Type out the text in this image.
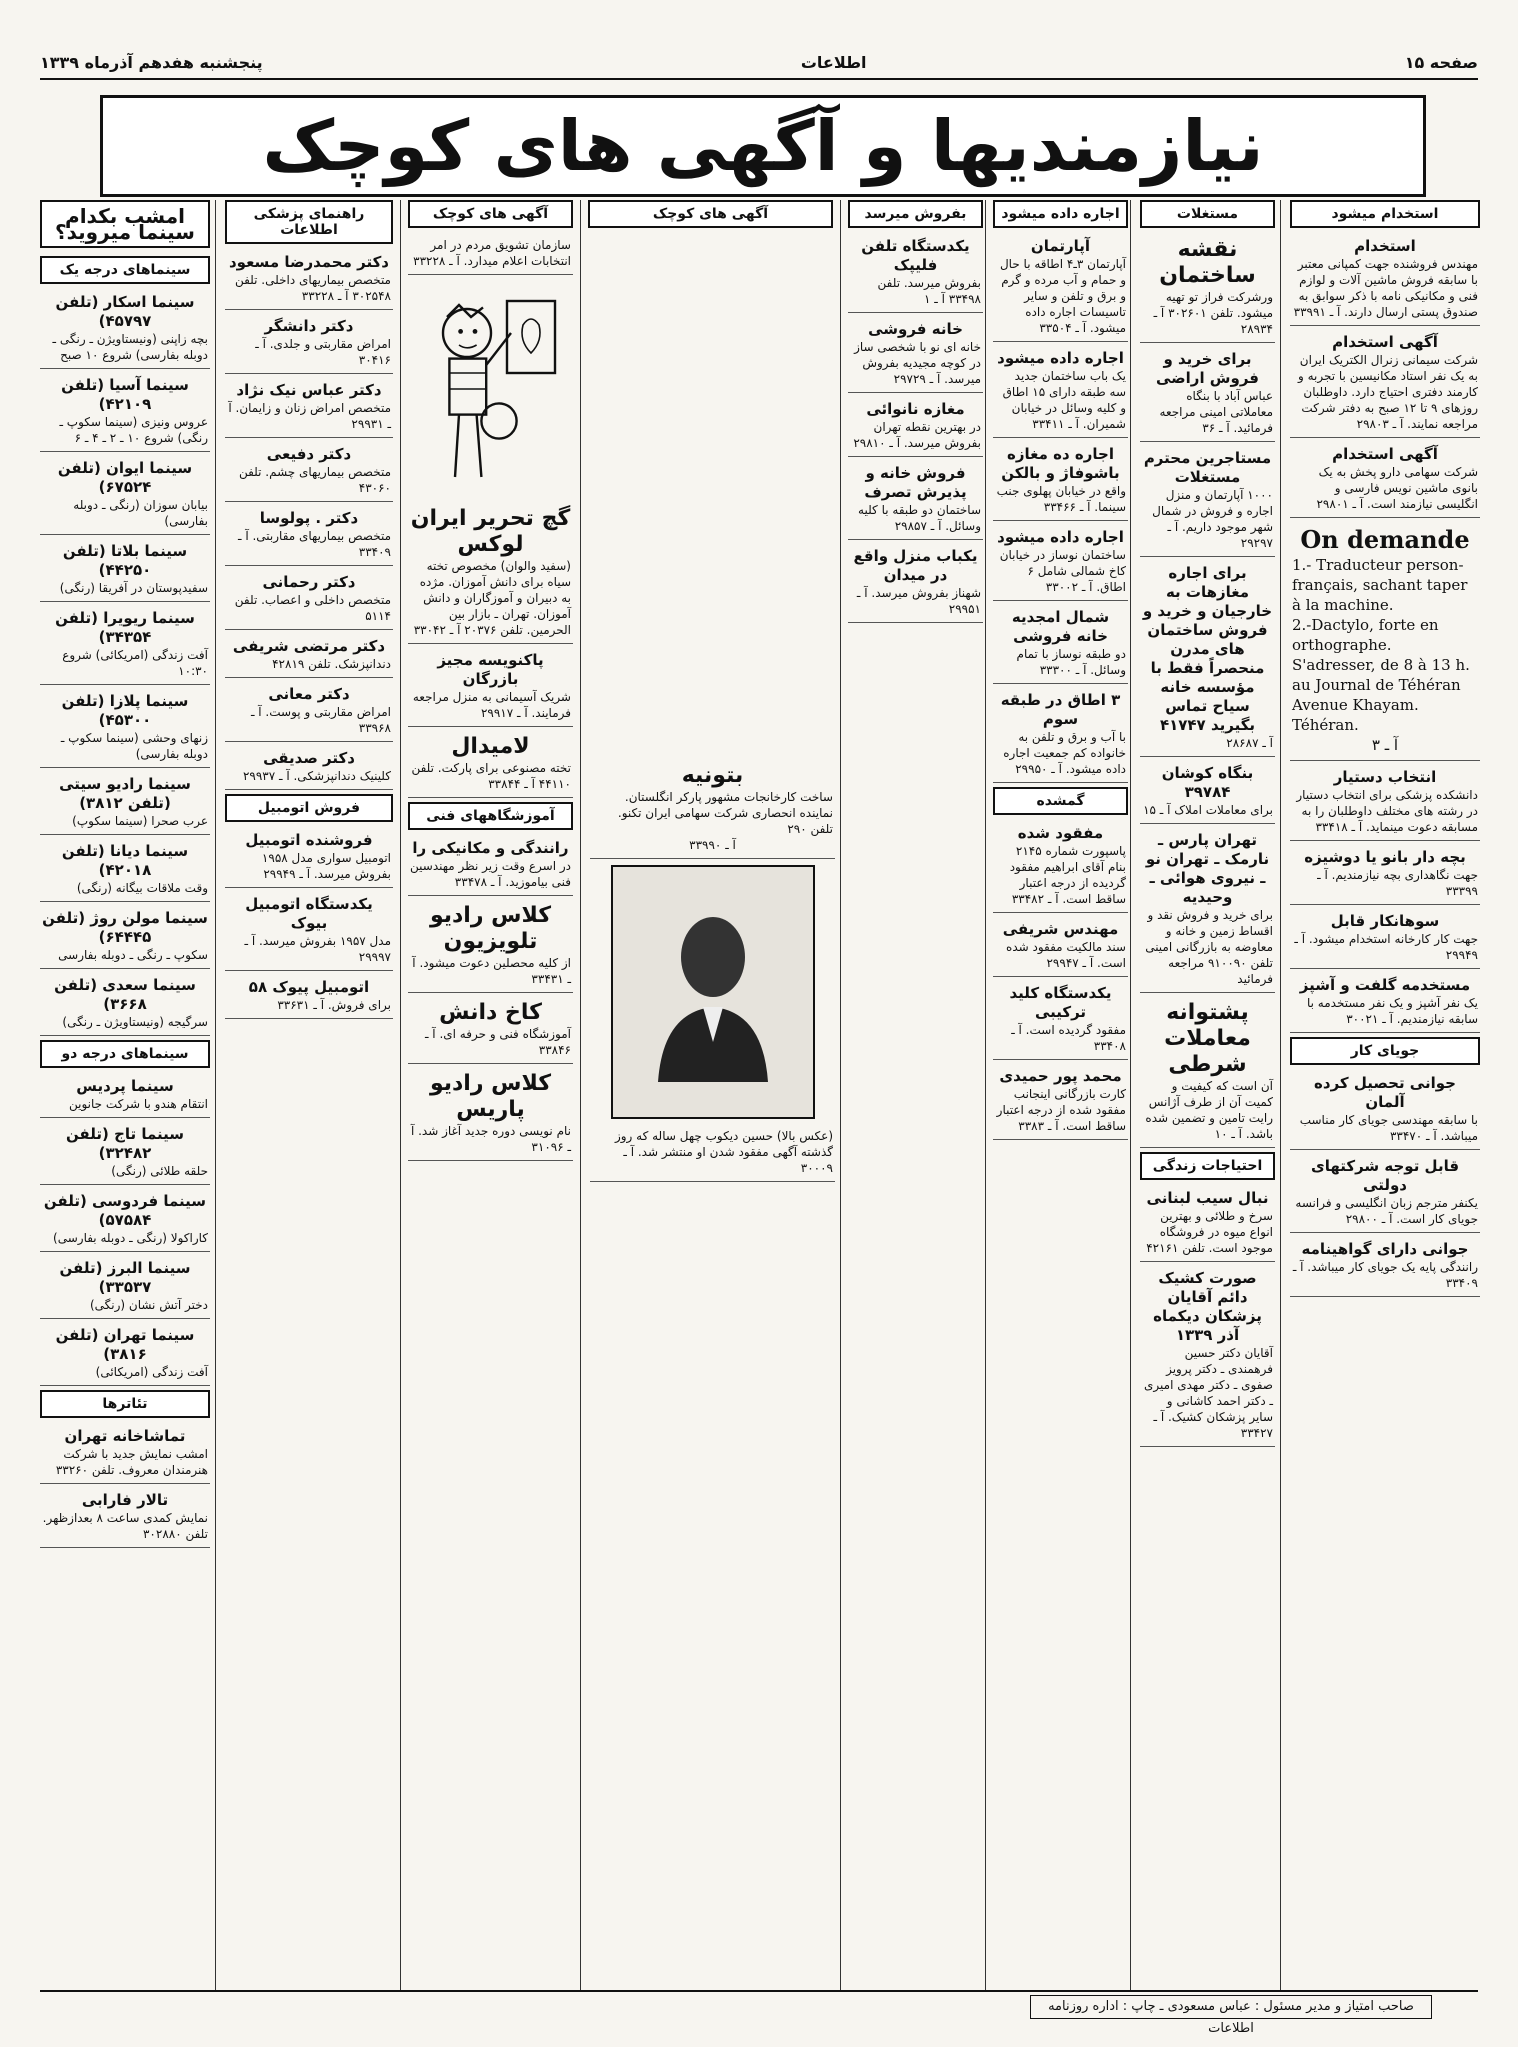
صفحه ۱۵
اطلاعات
پنجشنبه هفدهم آذرماه ۱۳۳۹
نیازمندیها و آگهی های کوچک
استخدام میشود
استخدام
مهندس فروشنده جهت کمپانی معتبر با سابقه فروش ماشین آلات و لوازم فنی و مکانیکی نامه با ذکر سوابق به صندوق پستی ارسال دارند. آ ـ ۳۳۹۹۱
آگهی استخدام
شرکت سیمانی زنرال الکتریک ایران به یک نفر استاد مکانیسین با تجربه و کارمند دفتری احتیاج دارد. داوطلبان روزهای ۹ تا ۱۲ صبح به دفتر شرکت مراجعه نمایند. آ ـ ۲۹۸۰۳
آگهی استخدام
شرکت سهامی دارو پخش به یک بانوی ماشین نویس فارسی و انگلیسی نیازمند است. آ ـ ۲۹۸۰۱
On demande
1.- Traducteur person-français, sachant taper à la machine.
2.-Dactylo, forte en orthographe.
S'adresser, de 8 à 13 h. au Journal de Téhéran Avenue Khayam. Téhéran.
آ ـ ۳
انتخاب دستیار
دانشکده پزشکی برای انتخاب دستیار در رشته های مختلف داوطلبان را به مسابقه دعوت مینماید. آ ـ ۳۳۴۱۸
بچه دار بانو یا دوشیزه
جهت نگاهداری بچه نیازمندیم. آ ـ ۳۳۳۹۹
سوهانکار قابل
جهت کار کارخانه استخدام میشود. آ ـ ۲۹۹۴۹
مستخدمه گلفت و آشپز
یک نفر آشپز و یک نفر مستخدمه با سابقه نیازمندیم. آ ـ ۳۰۰۲۱
جویای کار
جوانی تحصیل کرده آلمان
با سابقه مهندسی جویای کار مناسب میباشد. آ ـ ۳۳۴۷۰
قابل توجه شرکتهای دولتی
یکنفر مترجم زبان انگلیسی و فرانسه جویای کار است. آ ـ ۲۹۸۰۰
جوانی دارای گواهینامه
رانندگی پایه یک جویای کار میباشد. آ ـ ۳۳۴۰۹
مستغلات
نقشه ساختمان
ورشرکت فراز تو تهیه میشود. تلفن ۳۰۲۶۰۱ آ ـ ۲۸۹۳۴
برای خرید و فروش اراضی
عباس آباد با بنگاه معاملاتی امینی مراجعه فرمائید. آ ـ ۳۶
مستاجرین محترم مستغلات
۱۰۰۰ آپارتمان و منزل اجاره و فروش در شمال شهر موجود داریم. آ ـ ۲۹۲۹۷
برای اجاره مغازهات به خارجیان و خرید و فروش ساختمان های مدرن منحصراً فقط با مؤسسه خانه سیاح تماس بگیرید ۴۱۷۴۷
آ ـ ۲۸۶۸۷
بنگاه کوشان ۳۹۷۸۴
برای معاملات املاک آ ـ ۱۵
تهران پارس ـ نارمک ـ تهران نو ـ نیروی هوائی ـ وحیدیه
برای خرید و فروش نقد و اقساط زمین و خانه و معاوضه به بازرگانی امینی تلفن ۹۱۰۰۹۰ مراجعه فرمائید
پشتوانه معاملات شرطی
آن است که کیفیت و کمیت آن از طرف آژانس رایت تامین و تضمین شده باشد. آ ـ ۱۰
احتیاجات زندگی
نبال سیب لبنانی
سرخ و طلائی و بهترین انواع میوه در فروشگاه موجود است. تلفن ۴۲۱۶۱
صورت کشیک دائم آقایان پزشکان دیکماه آذر ۱۳۳۹
آقایان دکتر حسین فرهمندی ـ دکتر پرویز صفوی ـ دکتر مهدی امیری ـ دکتر احمد کاشانی و سایر پزشکان کشیک. آ ـ ۳۳۴۲۷
اجاره داده میشود
آپارتمان
آپارتمان ۳ـ۴ اطاقه با حال و حمام و آب مرده و گرم و برق و تلفن و سایر تاسیسات اجاره داده میشود. آ ـ ۳۳۵۰۴
اجاره داده میشود
یک باب ساختمان جدید سه طبقه دارای ۱۵ اطاق و کلیه وسائل در خیابان شمیران. آ ـ ۳۳۴۱۱
اجاره ده مغازه باشوفاژ و بالکن
واقع در خیابان پهلوی جنب سینما. آ ـ ۳۳۴۶۶
اجاره داده میشود
ساختمان نوساز در خیابان کاخ شمالی شامل ۶ اطاق. آ ـ ۳۳۰۰۲
شمال امجدیه خانه فروشی
دو طبقه نوساز با تمام وسائل. آ ـ ۳۳۳۰۰
۳ اطاق در طبقه سوم
با آب و برق و تلفن به خانواده کم جمعیت اجاره داده میشود. آ ـ ۲۹۹۵۰
گمشده
مفقود شده
پاسپورت شماره ۲۱۴۵ بنام آقای ابراهیم مفقود گردیده از درجه اعتبار ساقط است. آ ـ ۳۳۴۸۲
مهندس شریفی
سند مالکیت مفقود شده است. آ ـ ۲۹۹۴۷
یکدستگاه کلید ترکیبی
مفقود گردیده است. آ ـ ۳۳۴۰۸
محمد پور حمیدی
کارت بازرگانی اینجانب مفقود شده از درجه اعتبار ساقط است. آ ـ ۳۳۸۳
بفروش میرسد
یکدستگاه تلفن فلیپک
بفروش میرسد. تلفن ۳۳۴۹۸ آ ـ ۱
خانه فروشی
خانه ای نو با شخصی ساز در کوچه مجیدیه بفروش میرسد. آ ـ ۲۹۷۲۹
مغازه نانوائی
در بهترین نقطه تهران بفروش میرسد. آ ـ ۲۹۸۱۰
فروش خانه و پذیرش تصرف
ساختمان دو طبقه با کلیه وسائل. آ ـ ۲۹۸۵۷
یکباب منزل واقع در میدان
شهناز بفروش میرسد. آ ـ ۲۹۹۵۱
بتونیه
ساخت کارخانجات مشهور پارکر انگلستان. نماینده انحصاری شرکت سهامی ایران تکنو. تلفن ۲۹۰
آ ـ ۳۳۹۹۰
(عکس بالا) حسین دیکوب چهل ساله که روز گذشته آگهی مفقود شدن او منتشر شد. آ ـ ۳۰۰۰۹
آگهی های کوچک
آگهی های کوچک
سازمان تشویق مردم در امر انتخابات اعلام میدارد. آ ـ ۳۳۲۲۸
گچ تحریر ایران لوکس
(سفید والوان) مخصوص تخته سیاه برای دانش آموزان. مژده به دبیران و آموزگاران و دانش آموزان. تهران ـ بازار بین الحرمین. تلفن ۲۰۳۷۶ آ ـ ۳۳۰۴۲
پاکنویسه مجیز بازرگان
شریک آسیمانی به منزل مراجعه فرمایند. آ ـ ۲۹۹۱۷
لامیدال
تخته مصنوعی برای پارکت. تلفن ۴۴۱۱۰ آ ـ ۳۳۸۴۴
آموزشگاههای فنی
رانندگی و مکانیکی را
در اسرع وقت زیر نظر مهندسین فنی بیاموزید. آ ـ ۳۳۴۷۸
کلاس رادیو تلویزیون
از کلیه محصلین دعوت میشود. آ ـ ۳۳۴۳۱
کاخ دانش
آموزشگاه فنی و حرفه ای. آ ـ ۳۳۸۴۶
کلاس رادیو پاریس
نام نویسی دوره جدید آغاز شد. آ ـ ۳۱۰۹۶
راهنمای پزشکی اطلاعات
دکتر محمدرضا مسعود
متخصص بیماریهای داخلی. تلفن ۳۰۲۵۴۸ آ ـ ۳۳۲۲۸
دکتر دانشگر
امراض مقاربتی و جلدی. آ ـ ۳۰۴۱۶
دکتر عباس نیک نژاد
متخصص امراض زنان و زایمان. آ ـ ۲۹۹۳۱
دکتر دفیعی
متخصص بیماریهای چشم. تلفن ۴۳۰۶۰
دکتر . پولوسا
متخصص بیماریهای مقاربتی. آ ـ ۳۳۴۰۹
دکتر رحمانی
متخصص داخلی و اعصاب. تلفن ۵۱۱۴
دکتر مرتضی شریفی
دندانپزشک. تلفن ۴۲۸۱۹
دکتر معانی
امراض مقاربتی و پوست. آ ـ ۳۳۹۶۸
دکتر صدیقی
کلینیک دندانپزشکی. آ ـ ۲۹۹۳۷
فروش اتومبیل
فروشنده اتومبیل
اتومبیل سواری مدل ۱۹۵۸ بفروش میرسد. آ ـ ۲۹۹۴۹
یکدستگاه اتومبیل بیوک
مدل ۱۹۵۷ بفروش میرسد. آ ـ ۲۹۹۹۷
اتومبیل پیوک ۵۸
برای فروش. آ ـ ۳۳۶۳۱
امشب بکدام سینما میروید؟
سینماهای درجه یک
سینما اسکار (تلفن ۴۵۷۹۷)
بچه زاپنی (ونیستاویژن ـ رنگی ـ دوبله بفارسی) شروع ۱۰ صبح
سینما آسیا (تلفن ۴۲۱۰۹)
عروس ونیزی (سینما سکوپ ـ رنگی) شروع ۱۰ ـ ۲ ـ ۴ ـ ۶
سینما ایوان (تلفن ۶۷۵۲۴)
بیابان سوزان (رنگی ـ دوبله بفارسی)
سینما بلاتا (تلفن ۴۴۲۵۰)
سفیدپوستان در آفریقا (رنگی)
سینما ریویرا (تلفن ۳۴۳۵۴)
آفت زندگی (امریکائی) شروع ۱۰:۳۰
سینما پلازا (تلفن ۴۵۳۰۰)
زنهای وحشی (سینما سکوپ ـ دوبله بفارسی)
سینما رادیو سیتی (تلفن ۳۸۱۲)
عرب صحرا (سینما سکوپ)
سینما دیانا (تلفن ۴۲۰۱۸)
وقت ملاقات بیگانه (رنگی)
سینما مولن روژ (تلفن ۶۴۴۴۵)
سکوپ ـ رنگی ـ دوبله بفارسی
سینما سعدی (تلفن ۳۶۶۸)
سرگیجه (ونیستاویژن ـ رنگی)
سینماهای درجه دو
سینما پردیس
انتقام هندو با شرکت جانوین
سینما تاج (تلفن ۳۲۴۸۲)
حلقه طلائی (رنگی)
سینما فردوسی (تلفن ۵۷۵۸۴)
کاراکولا (رنگی ـ دوبله بفارسی)
سینما البرز (تلفن ۳۳۵۳۷)
دختر آتش نشان (رنگی)
سینما تهران (تلفن ۳۸۱۶)
آفت زندگی (امریکائی)
تئاترها
تماشاخانه تهران
امشب نمایش جدید با شرکت هنرمندان معروف. تلفن ۳۳۲۶۰
تالار فارابی
نمایش کمدی ساعت ۸ بعدازظهر. تلفن ۳۰۲۸۸۰
صاحب امتیاز و مدیر مسئول : عباس مسعودی ـ چاپ : اداره روزنامه اطلاعات
